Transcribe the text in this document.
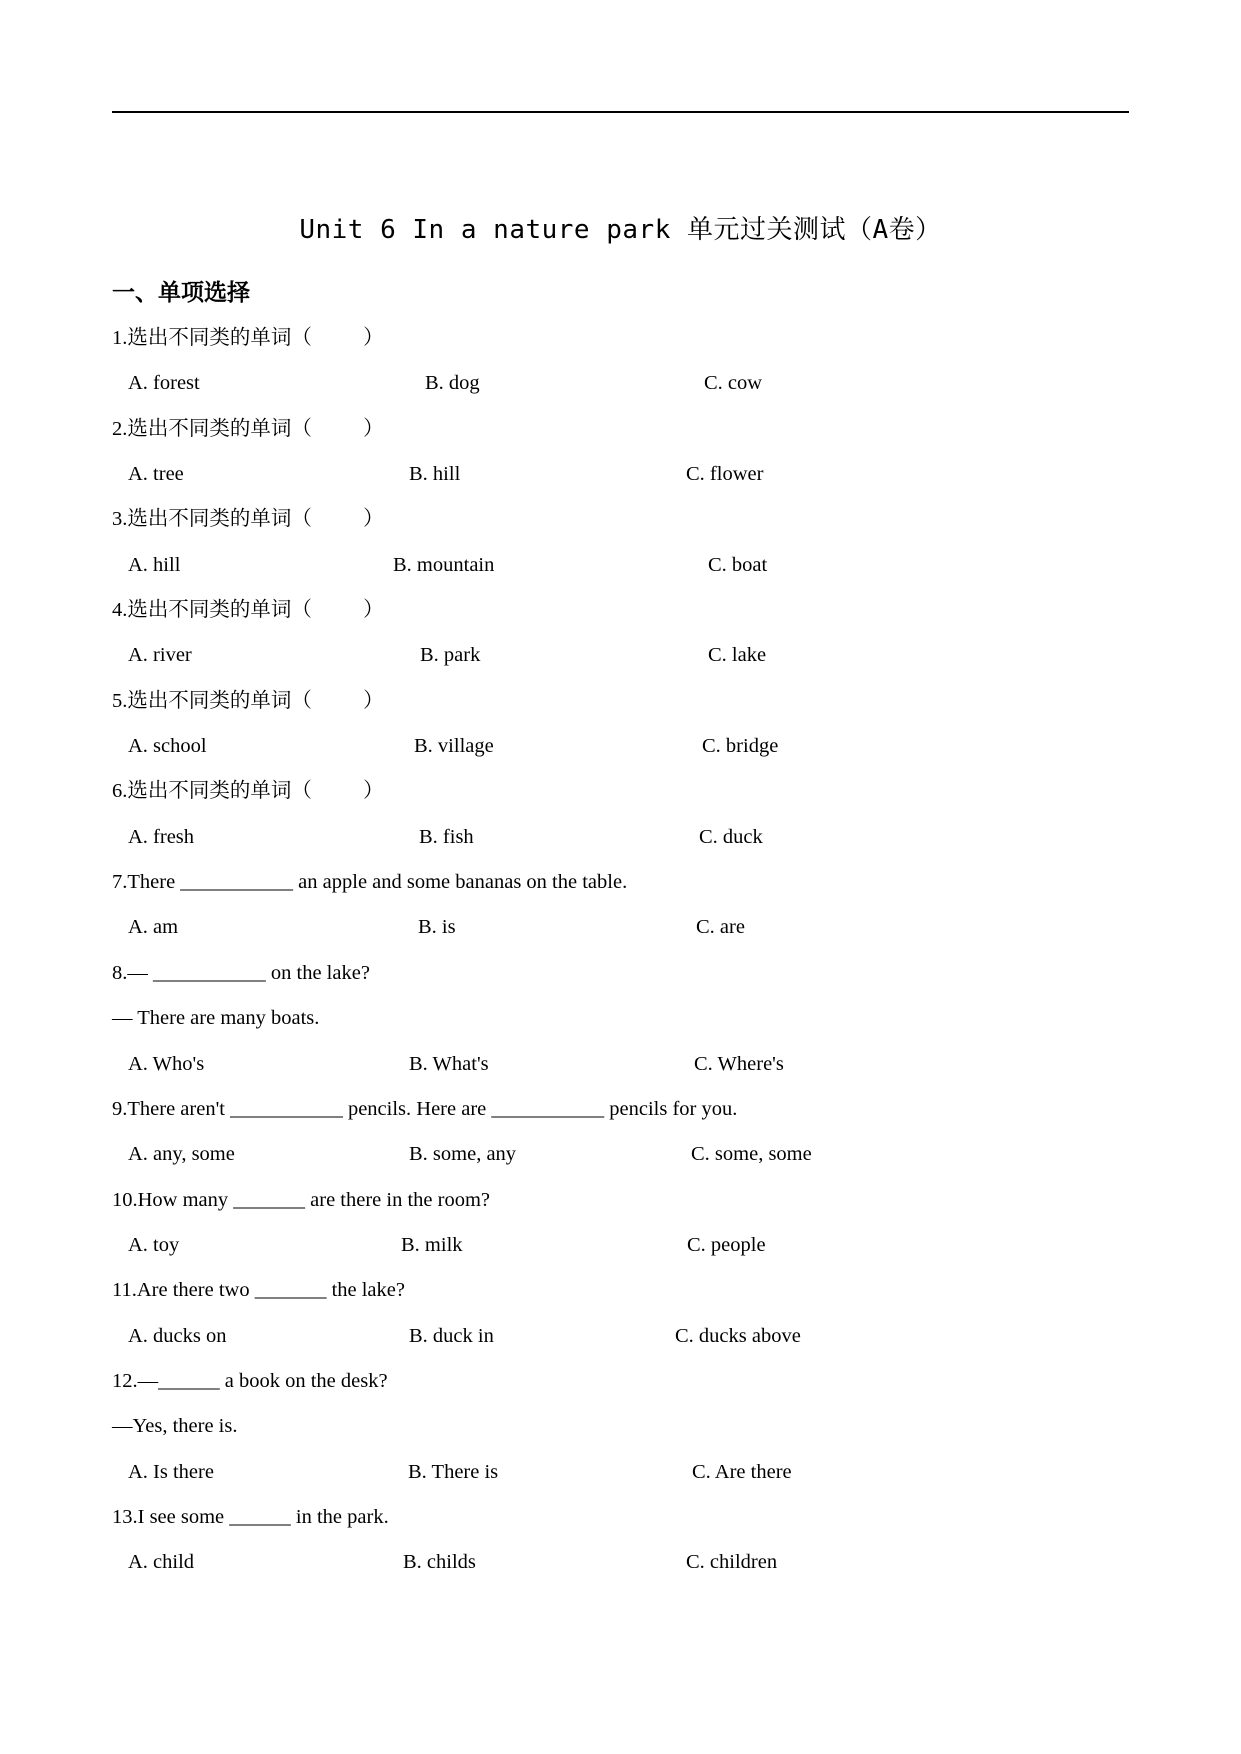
Unit 6 In a nature park 单元过关测试（A卷）
一、单项选择
1.选出不同类的单词（          ）

A. forest

	B. dog

	C. cow

2.选出不同类的单词（          ）

A. tree

	B. hill

	C. flower

3.选出不同类的单词（          ）

A. hill

	B. mountain

	C. boat

4.选出不同类的单词（          ）

A. river

	B. park

	C. lake

5.选出不同类的单词（          ）

A. school

	B. village

	C. bridge

6.选出不同类的单词（          ）

A. fresh

	B. fish

	C. duck

7.There ___________ an apple and some bananas on the table.

A. am

	B. is

	C. are

8.— ___________ on the lake?
— There are many boats.

A. Who's

	B. What's

	C. Where's

9.There aren't ___________ pencils. Here are ___________ pencils for you.

A. any, some

	B. some, any

	C. some, some

10.How many _______ are there in the room?

A. toy

	B. milk

	C. people

11.Are there two _______ the lake?

A. ducks on

	B. duck in

	C. ducks above

12.—______ a book on the desk?
—Yes, there is.

A. Is there

	B. There is

	C. Are there

13.I see some ______ in the park.

A. child

	B. childs

	C. children
